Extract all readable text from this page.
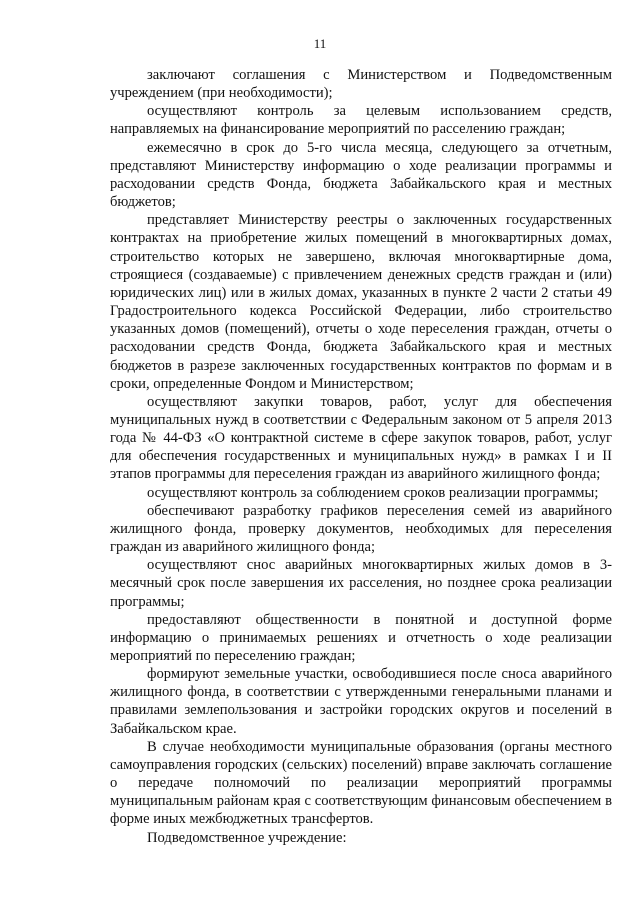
11

заключают соглашения с Министерством и Подведомственным учреждением (при необходимости);

осуществляют контроль за целевым использованием средств, направляемых на финансирование мероприятий по расселению граждан;

ежемесячно в срок до 5-го числа месяца, следующего за отчетным, представляют Министерству информацию о ходе реализации программы и расходовании средств Фонда, бюджета Забайкальского края и местных бюджетов;

представляет Министерству реестры о заключенных государственных контрактах на приобретение жилых помещений в многоквартирных домах, строительство которых не завершено, включая многоквартирные дома, строящиеся (создаваемые) с привлечением денежных средств граждан и (или) юридических лиц) или в жилых домах, указанных в пункте 2 части 2 статьи 49 Градостроительного кодекса Российской Федерации, либо строительство указанных домов (помещений), отчеты о ходе переселения граждан, отчеты о расходовании средств Фонда, бюджета Забайкальского края и местных бюджетов в разрезе заключенных государственных контрактов по формам и в сроки, определенные Фондом и Министерством;

осуществляют закупки товаров, работ, услуг для обеспечения муниципальных нужд в соответствии с Федеральным законом от 5 апреля 2013 года № 44-ФЗ «О контрактной системе в сфере закупок товаров, работ, услуг для обеспечения государственных и муниципальных нужд» в рамках I и II этапов программы для переселения граждан из аварийного жилищного фонда;

осуществляют контроль за соблюдением сроков реализации программы;

обеспечивают разработку графиков переселения семей из аварийного жилищного фонда, проверку документов, необходимых для переселения граждан из аварийного жилищного фонда;

осуществляют снос аварийных многоквартирных жилых домов в 3-месячный срок после завершения их расселения, но позднее срока реализации программы;

предоставляют общественности в понятной и доступной форме информацию о принимаемых решениях и отчетность о ходе реализации мероприятий по переселению граждан;

формируют земельные участки, освободившиеся после сноса аварийного жилищного фонда, в соответствии с утвержденными генеральными планами и правилами землепользования и застройки городских округов и поселений в Забайкальском крае.

В случае необходимости муниципальные образования (органы местного самоуправления городских (сельских) поселений) вправе заключать соглашение о передаче полномочий по реализации мероприятий программы муниципальным районам края с соответствующим финансовым обеспечением в форме иных межбюджетных трансфертов.

Подведомственное учреждение:
